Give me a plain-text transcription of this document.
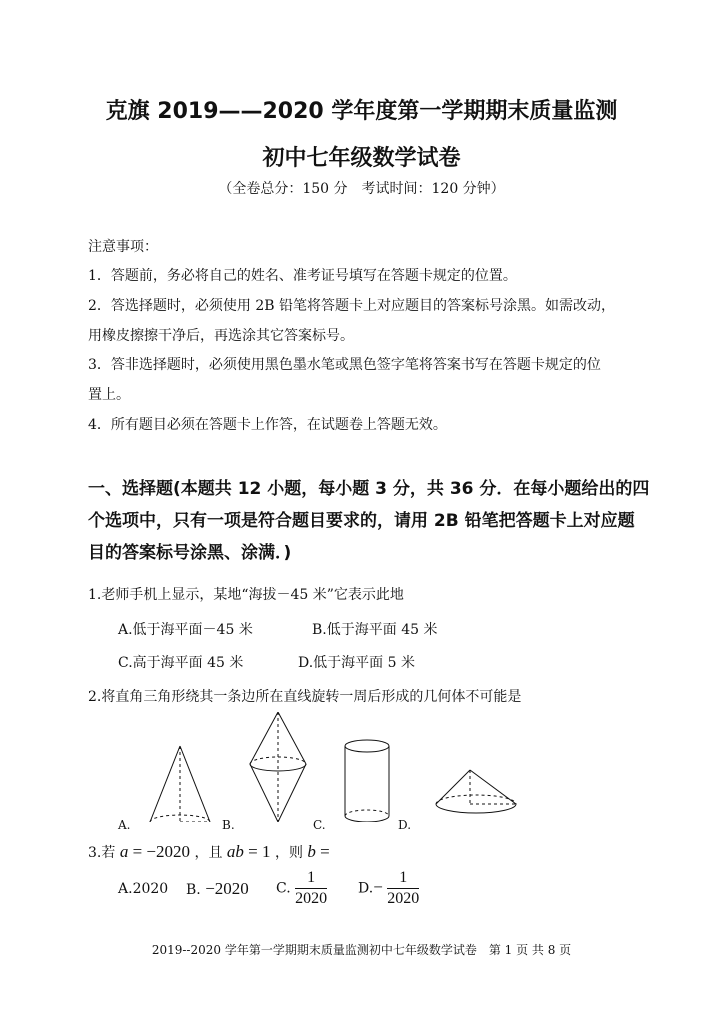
克旗 2019——2020 学年度第一学期期末质量监测
初中七年级数学试卷
（全卷总分：150 分　考试时间：120 分钟）
注意事项：
1．答题前，务必将自己的姓名、准考证号填写在答题卡规定的位置。
2．答选择题时，必须使用 2B 铅笔将答题卡上对应题目的答案标号涂黑。如需改动，
用橡皮擦擦干净后，再选涂其它答案标号。
3．答非选择题时，必须使用黑色墨水笔或黑色签字笔将答案书写在答题卡规定的位
置上。
4．所有题目必须在答题卡上作答，在试题卷上答题无效。
一、选择题(本题共 12 小题，每小题 3 分，共 36 分．在每小题给出的四
个选项中，只有一项是符合题目要求的，请用 2B 铅笔把答题卡上对应题
目的答案标号涂黑、涂满．)
1.老师手机上显示，某地“海拔－45 米”它表示此地
A.低于海平面－45 米	B.低于海平面 45 米
C.高于海平面 45 米	D.低于海平面 5 米
2.将直角三角形绕其一条边所在直线旋转一周后形成的几何体不可能是
A.	B.	C.	D.
3.若 a = −2020 ，且 ab = 1 ，则 b =
A.2020 B. −2020 C. $\frac{1}{2020} D.- \frac{1}{2020}$
2019--2020 学年第一学期期末质量监测初中七年级数学试卷　第 1 页 共 8 页
